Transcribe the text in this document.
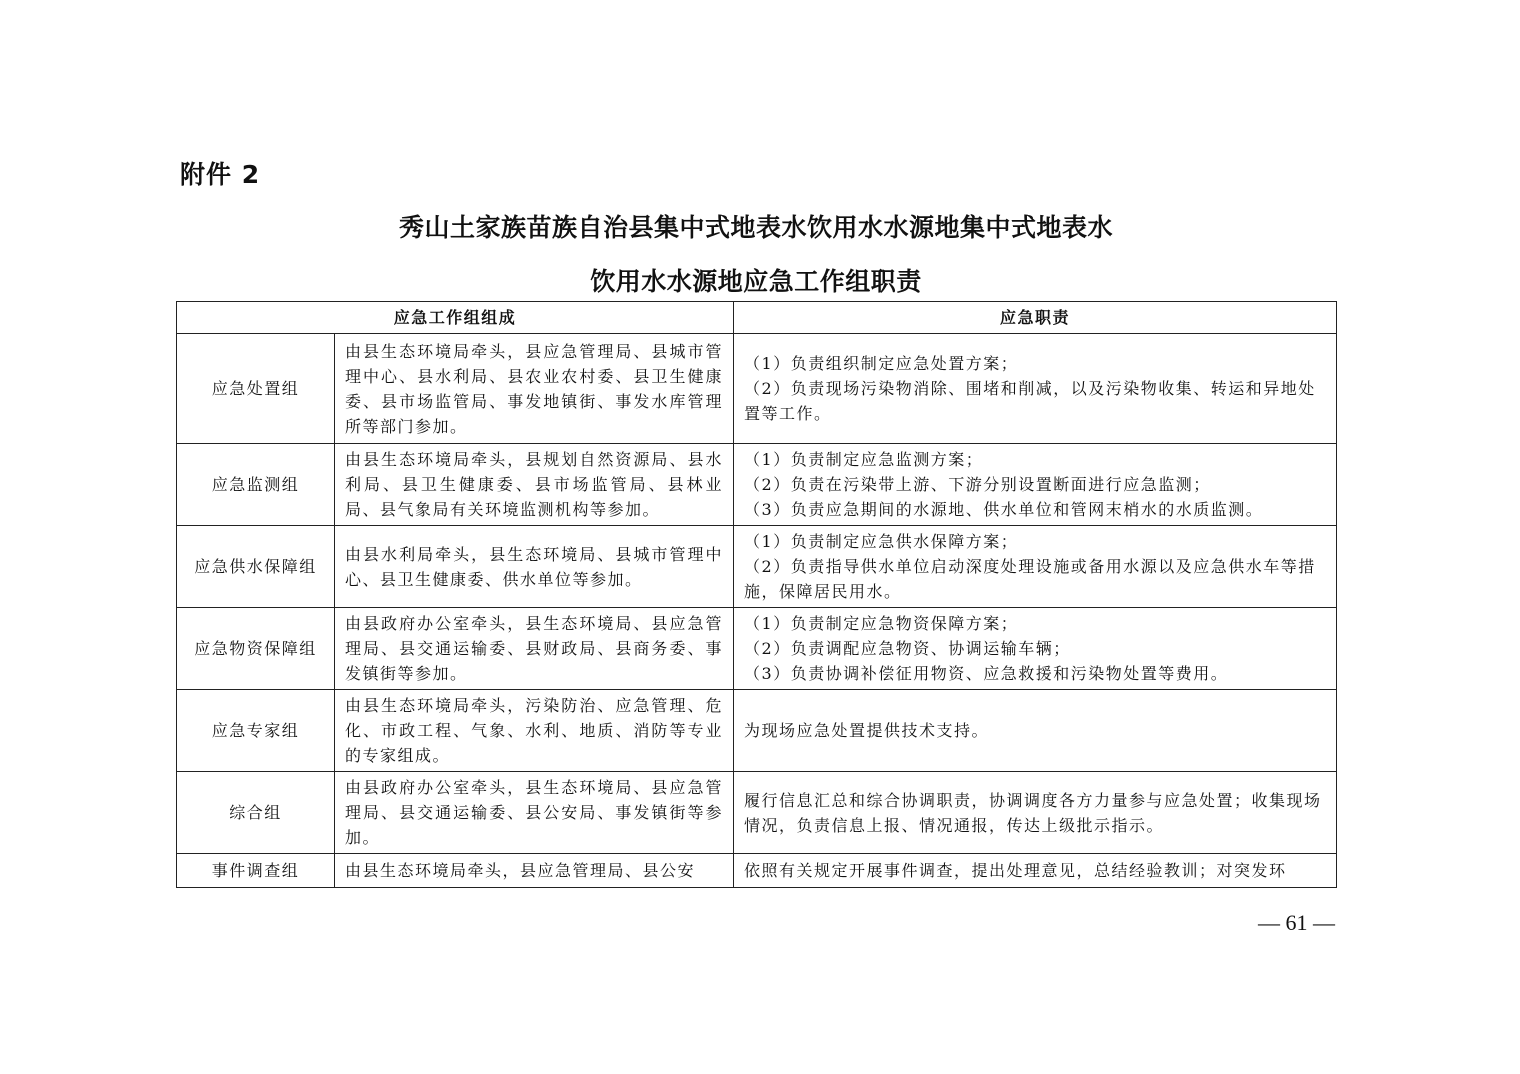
附件 2
秀山土家族苗族自治县集中式地表水饮用水水源地集中式地表水
饮用水水源地应急工作组职责
应急工作组组成		应急职责
应急处置组	由县生态环境局牵头，县应急管理局、县城市管理中心、县水利局、县农业农村委、县卫生健康委、县市场监管局、事发地镇街、事发水库管理所等部门参加。	（1）负责组织制定应急处置方案；
（2）负责现场污染物消除、围堵和削减，以及污染物收集、转运和异地处置等工作。

应急监测组	由县生态环境局牵头，县规划自然资源局、县水利局、县卫生健康委、县市场监管局、县林业局、县气象局有关环境监测机构等参加。	（1）负责制定应急监测方案；
（2）负责在污染带上游、下游分别设置断面进行应急监测；
（3）负责应急期间的水源地、供水单位和管网末梢水的水质监测。

应急供水保障组	由县水利局牵头，县生态环境局、县城市管理中心、县卫生健康委、供水单位等参加。	（1）负责制定应急供水保障方案；
（2）负责指导供水单位启动深度处理设施或备用水源以及应急供水车等措施，保障居民用水。

应急物资保障组	由县政府办公室牵头，县生态环境局、县应急管理局、县交通运输委、县财政局、县商务委、事发镇街等参加。	（1）负责制定应急物资保障方案；
（2）负责调配应急物资、协调运输车辆；
（3）负责协调补偿征用物资、应急救援和污染物处置等费用。

应急专家组	由县生态环境局牵头，污染防治、应急管理、危化、市政工程、气象、水利、地质、消防等专业的专家组成。	为现场应急处置提供技术支持。

综合组	由县政府办公室牵头，县生态环境局、县应急管理局、县交通运输委、县公安局、事发镇街等参加。	履行信息汇总和综合协调职责，协调调度各方力量参与应急处置；收集现场情况，负责信息上报、情况通报，传达上级批示指示。

事件调查组	由县生态环境局牵头，县应急管理局、县公安	依照有关规定开展事件调查，提出处理意见，总结经验教训；对突发环
— 61 —
